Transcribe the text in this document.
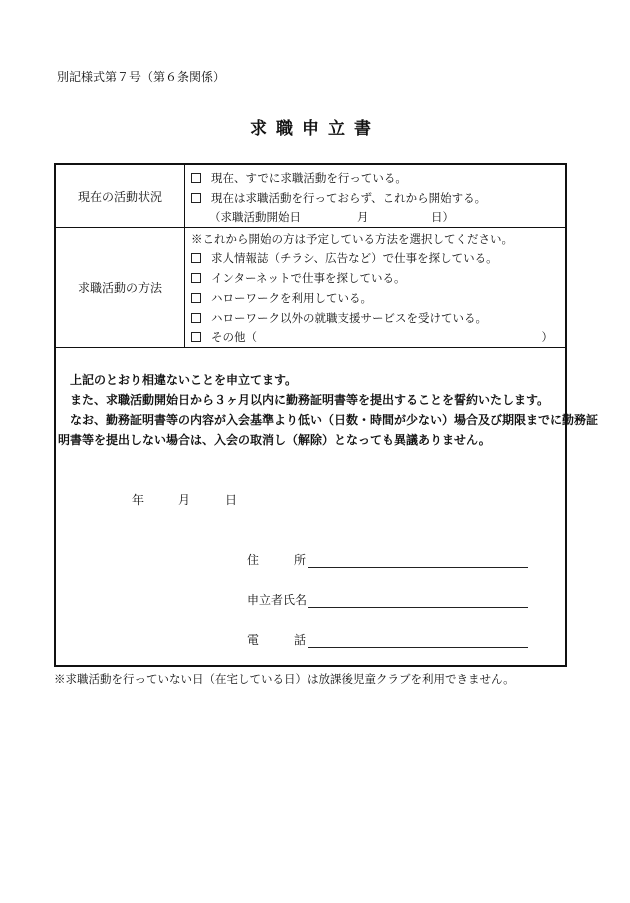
別記様式第７号（第６条関係）
求職申立書
現在の活動状況
現在、すでに求職活動を行っている。
現在は求職活動を行っておらず、これから開始する。
（求職活動開始日	月	日）
求職活動の方法
※これから開始の方は予定している方法を選択してください。
求人情報誌（チラシ、広告など）で仕事を探している。
インターネットで仕事を探している。
ハローワークを利用している。
ハローワーク以外の就職支援サービスを受けている。
その他（	）

上記のとおり相違ないことを申立てます。

また、求職活動開始日から３ヶ月以内に勤務証明書等を提出することを誓約いたします。

なお、勤務証明書等の内容が入会基準より低い（日数・時間が少ない）場合及び期限までに勤務証

明書等を提出しない場合は、入会の取消し（解除）となっても異議ありません。

年	月	日
住	所
申立者氏名
電	話
※求職活動を行っていない日（在宅している日）は放課後児童クラブを利用できません。
